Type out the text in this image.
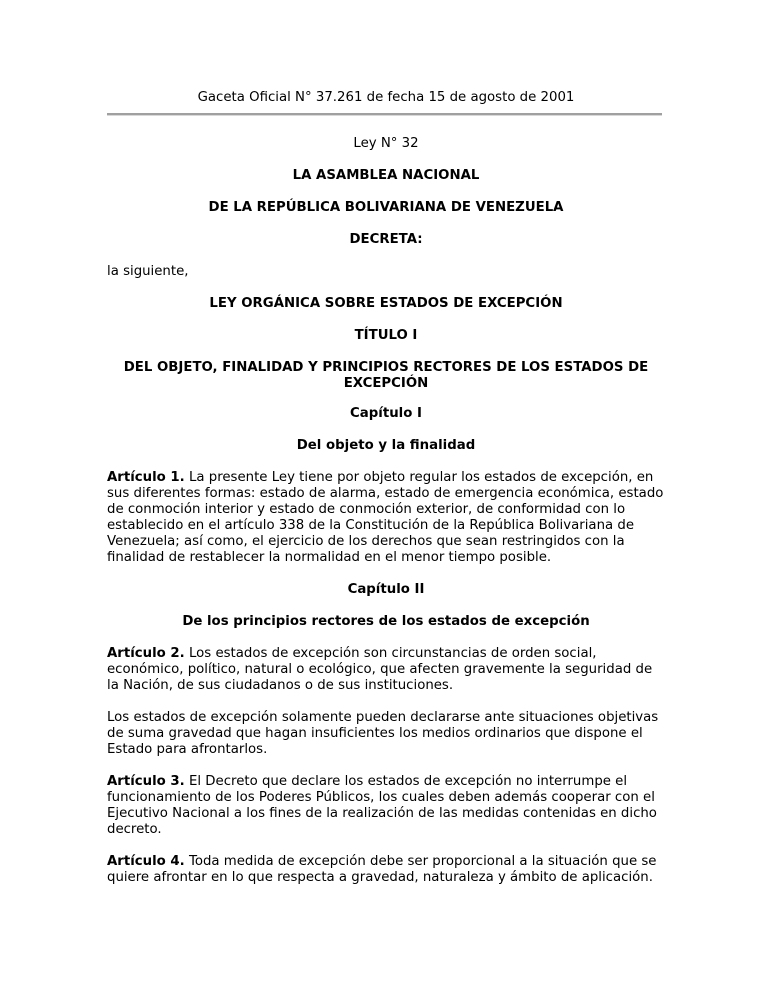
Gaceta Oficial N° 37.261 de fecha 15 de agosto de 2001

Ley N° 32

LA ASAMBLEA NACIONAL

DE LA REPÚBLICA BOLIVARIANA DE VENEZUELA

DECRETA:

la siguiente,

LEY ORGÁNICA SOBRE ESTADOS DE EXCEPCIÓN

TÍTULO I

DEL OBJETO, FINALIDAD Y PRINCIPIOS RECTORES DE LOS ESTADOS DE EXCEPCIÓN

Capítulo I

Del objeto y la finalidad

Artículo 1. La presente Ley tiene por objeto regular los estados de excepción, en sus diferentes formas: estado de alarma, estado de emergencia económica, estado de conmoción interior y estado de conmoción exterior, de conformidad con lo establecido en el artículo 338 de la Constitución de la República Bolivariana de Venezuela; así como, el ejercicio de los derechos que sean restringidos con la finalidad de restablecer la normalidad en el menor tiempo posible.

Capítulo II

De los principios rectores de los estados de excepción

Artículo 2. Los estados de excepción son circunstancias de orden social, económico, político, natural o ecológico, que afecten gravemente la seguridad de la Nación, de sus ciudadanos o de sus instituciones.

Los estados de excepción solamente pueden declararse ante situaciones objetivas de suma gravedad que hagan insuficientes los medios ordinarios que dispone el Estado para afrontarlos.

Artículo 3. El Decreto que declare los estados de excepción no interrumpe el funcionamiento de los Poderes Públicos, los cuales deben además cooperar con el Ejecutivo Nacional a los fines de la realización de las medidas contenidas en dicho decreto.

Artículo 4. Toda medida de excepción debe ser proporcional a la situación que se quiere afrontar en lo que respecta a gravedad, naturaleza y ámbito de aplicación.
